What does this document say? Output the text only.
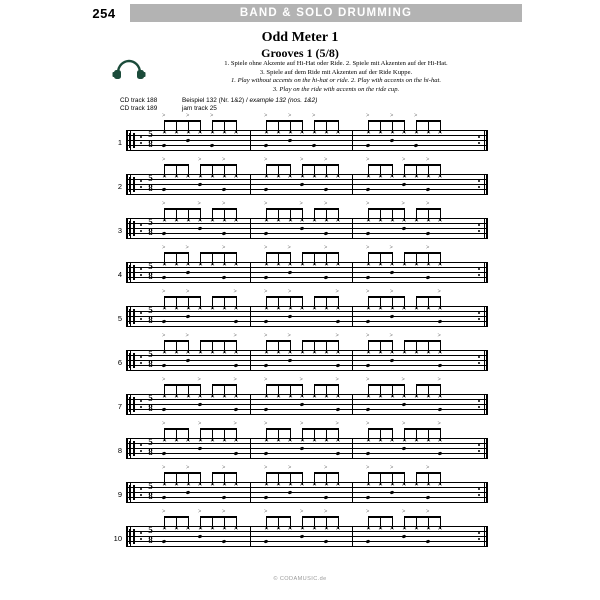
254	BAND & SOLO DRUMMING
Odd Meter 1
Grooves 1 (5/8)
1. Spiele ohne Akzente auf Hi-Hat oder Ride. 2. Spiele mit Akzenten auf der Hi-Hat.
3. Spiele auf dem Ride mit Akzenten auf der Ride Kuppe.
1. Play without accents on the hi-hat or ride. 2. Play with accents on the hi-hat.
3. Play on the ride with accents on the ride cup.
CD track 188	Beispiel 132 (Nr. 1&2) / example 132 (nos. 1&2)
CD track 189	jam track 25
1
5
8
✕ ✕ ✕ ✕ ✕ ✕ ✕
>	>	>
✕ ✕ ✕ ✕ ✕ ✕ ✕
>	>	>
✕ ✕ ✕ ✕ ✕ ✕ ✕
>	>	>
2
5
8
✕ ✕ ✕ ✕ ✕ ✕ ✕
>	>	>
✕ ✕ ✕ ✕ ✕ ✕ ✕
>	>	>
✕ ✕ ✕ ✕ ✕ ✕ ✕
>	>	>
3
5
8
✕ ✕ ✕ ✕ ✕ ✕ ✕
>	>	>
✕ ✕ ✕ ✕ ✕ ✕ ✕
>	>	>
✕ ✕ ✕ ✕ ✕ ✕ ✕
>	>	>
4
5
8
✕ ✕ ✕ ✕ ✕ ✕ ✕
>	>	>
✕ ✕ ✕ ✕ ✕ ✕ ✕
>	>	>
✕ ✕ ✕ ✕ ✕ ✕ ✕
>	>	>
5
5
8
✕ ✕ ✕ ✕ ✕ ✕ ✕
>	>	>
✕ ✕ ✕ ✕ ✕ ✕ ✕
>	>	>
✕ ✕ ✕ ✕ ✕ ✕ ✕
>	>	>
6
5
8
✕ ✕ ✕ ✕ ✕ ✕ ✕
>	>	>
✕ ✕ ✕ ✕ ✕ ✕ ✕
>	>	>
✕ ✕ ✕ ✕ ✕ ✕ ✕
>	>	>
7
5
8
✕ ✕ ✕ ✕ ✕ ✕ ✕
>	>	>
✕ ✕ ✕ ✕ ✕ ✕ ✕
>	>	>
✕ ✕ ✕ ✕ ✕ ✕ ✕
>	>	>
8
5
8
✕ ✕ ✕ ✕ ✕ ✕ ✕
>	>	>
✕ ✕ ✕ ✕ ✕ ✕ ✕
>	>	>
✕ ✕ ✕ ✕ ✕ ✕ ✕
>	>	>
9
5
8
✕ ✕ ✕ ✕ ✕ ✕ ✕
>	>	>
✕ ✕ ✕ ✕ ✕ ✕ ✕
>	>	>
✕ ✕ ✕ ✕ ✕ ✕ ✕
>	>	>
10
5
8
✕ ✕ ✕ ✕ ✕ ✕ ✕
>	>	>
✕ ✕ ✕ ✕ ✕ ✕ ✕
>	>	>
✕ ✕ ✕ ✕ ✕ ✕ ✕
>	>	>
© CODAMUSIC.de
